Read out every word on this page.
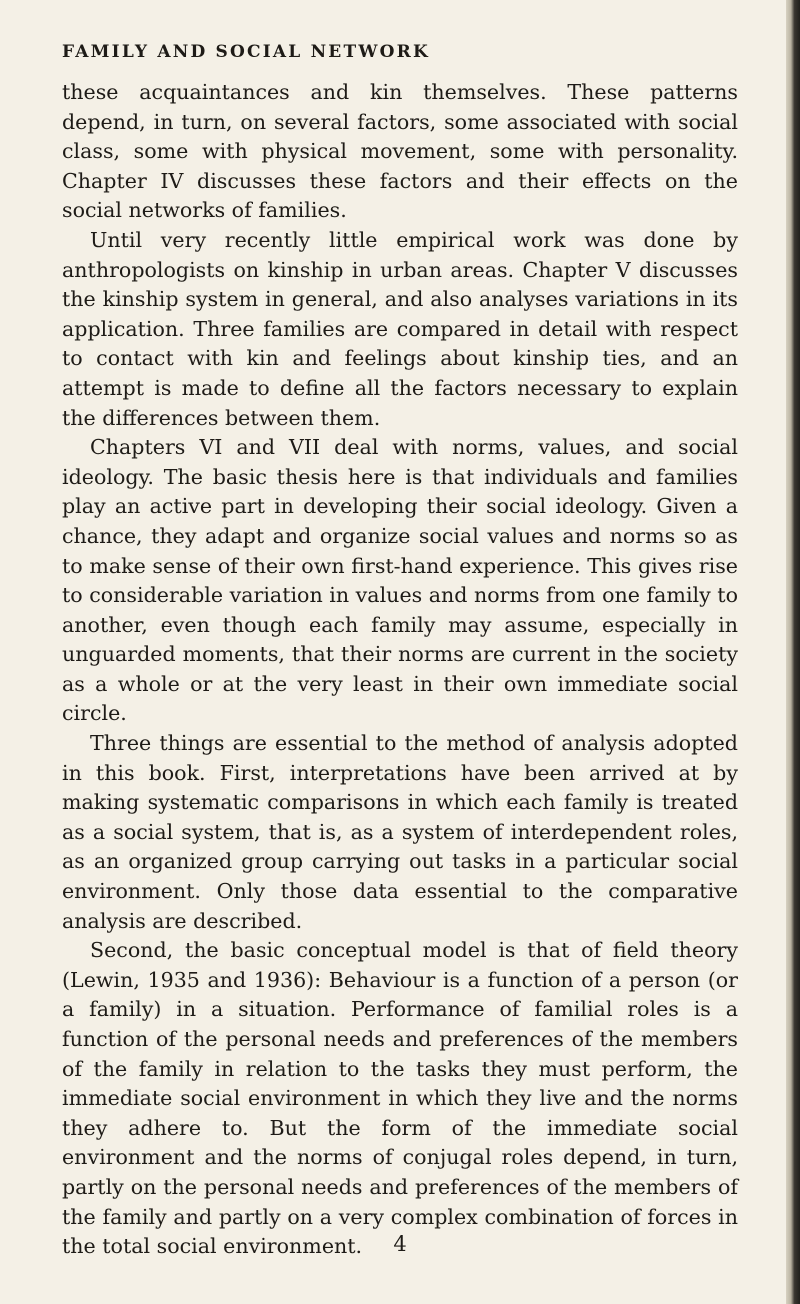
FAMILY AND SOCIAL NETWORK

these acquaintances and kin themselves. These patterns depend, in turn, on several factors, some associated with social class, some with physical movement, some with personality. Chapter IV discusses these factors and their effects on the social networks of families.

Until very recently little empirical work was done by anthropologists on kinship in urban areas. Chapter V discusses the kinship system in general, and also analyses variations in its application. Three families are compared in detail with respect to contact with kin and feelings about kinship ties, and an attempt is made to define all the factors necessary to explain the differences between them.

Chapters VI and VII deal with norms, values, and social ideology. The basic thesis here is that individuals and families play an active part in developing their social ideology. Given a chance, they adapt and organize social values and norms so as to make sense of their own first-hand experience. This gives rise to considerable variation in values and norms from one family to another, even though each family may assume, especially in unguarded moments, that their norms are current in the society as a whole or at the very least in their own immediate social circle.

Three things are essential to the method of analysis adopted in this book. First, interpretations have been arrived at by making systematic comparisons in which each family is treated as a social system, that is, as a system of interdependent roles, as an organized group carrying out tasks in a particular social environment. Only those data essential to the comparative analysis are described.

Second, the basic conceptual model is that of field theory (Lewin, 1935 and 1936): Behaviour is a function of a person (or a family) in a situation. Performance of familial roles is a function of the personal needs and preferences of the members of the family in relation to the tasks they must perform, the immediate social environment in which they live and the norms they adhere to. But the form of the immediate social environment and the norms of conjugal roles depend, in turn, partly on the personal needs and preferences of the members of the family and partly on a very complex combination of forces in the total social environment.	4
